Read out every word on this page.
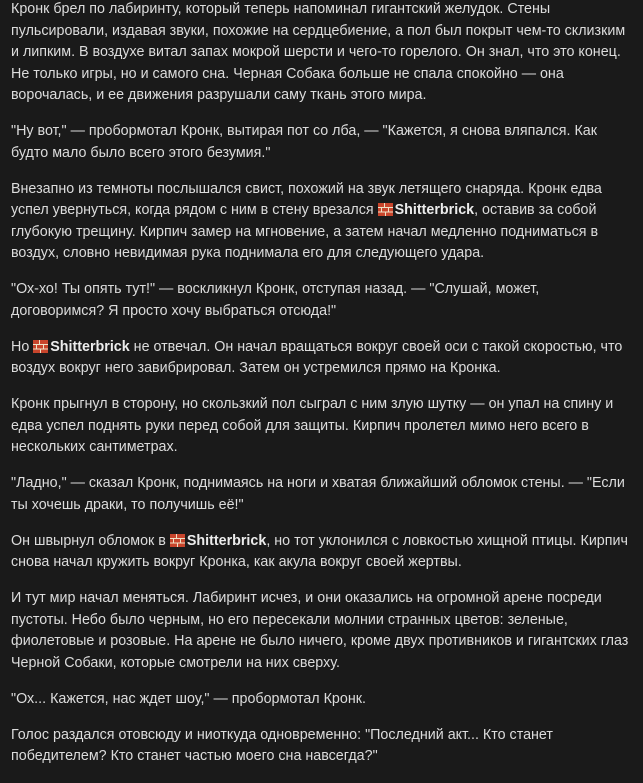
Кронк брел по лабиринту, который теперь напоминал гигантский желудок. Стены пульсировали, издавая звуки, похожие на сердцебиение, а пол был покрыт чем-то склизким и липким. В воздухе витал запах мокрой шерсти и чего-то горелого. Он знал, что это конец. Не только игры, но и самого сна. Черная Собака больше не спала спокойно — она ворочалась, и ее движения разрушали саму ткань этого мира.

"Ну вот," — пробормотал Кронк, вытирая пот со лба, — "Кажется, я снова вляпался. Как будто мало было всего этого безумия."

Внезапно из темноты послышался свист, похожий на звук летящего снаряда. Кронк едва успел увернуться, когда рядом с ним в стену врезался
Shitterbrick, оставив за собой глубокую трещину. Кирпич замер на мгновение, а затем начал медленно подниматься в воздух, словно невидимая рука поднимала его для следующего удара.

"Ох-хо! Ты опять тут!" — воскликнул Кронк, отступая назад. — "Слушай, может, договоримся? Я просто хочу выбраться отсюда!"

Но
Shitterbrick не отвечал. Он начал вращаться вокруг своей оси с такой скоростью, что воздух вокруг него завибрировал. Затем он устремился прямо на Кронка.

Кронк прыгнул в сторону, но скользкий пол сыграл с ним злую шутку — он упал на спину и едва успел поднять руки перед собой для защиты. Кирпич пролетел мимо него всего в нескольких сантиметрах.

"Ладно," — сказал Кронк, поднимаясь на ноги и хватая ближайший обломок стены. — "Если ты хочешь драки, то получишь её!"

Он швырнул обломок в
Shitterbrick, но тот уклонился с ловкостью хищной птицы. Кирпич снова начал кружить вокруг Кронка, как акула вокруг своей жертвы.

И тут мир начал меняться. Лабиринт исчез, и они оказались на огромной арене посреди пустоты. Небо было черным, но его пересекали молнии странных цветов: зеленые, фиолетовые и розовые. На арене не было ничего, кроме двух противников и гигантских глаз Черной Собаки, которые смотрели на них сверху.

"Ох... Кажется, нас ждет шоу," — пробормотал Кронк.

Голос раздался отовсюду и ниоткуда одновременно: "Последний акт... Кто станет победителем? Кто станет частью моего сна навсегда?"
